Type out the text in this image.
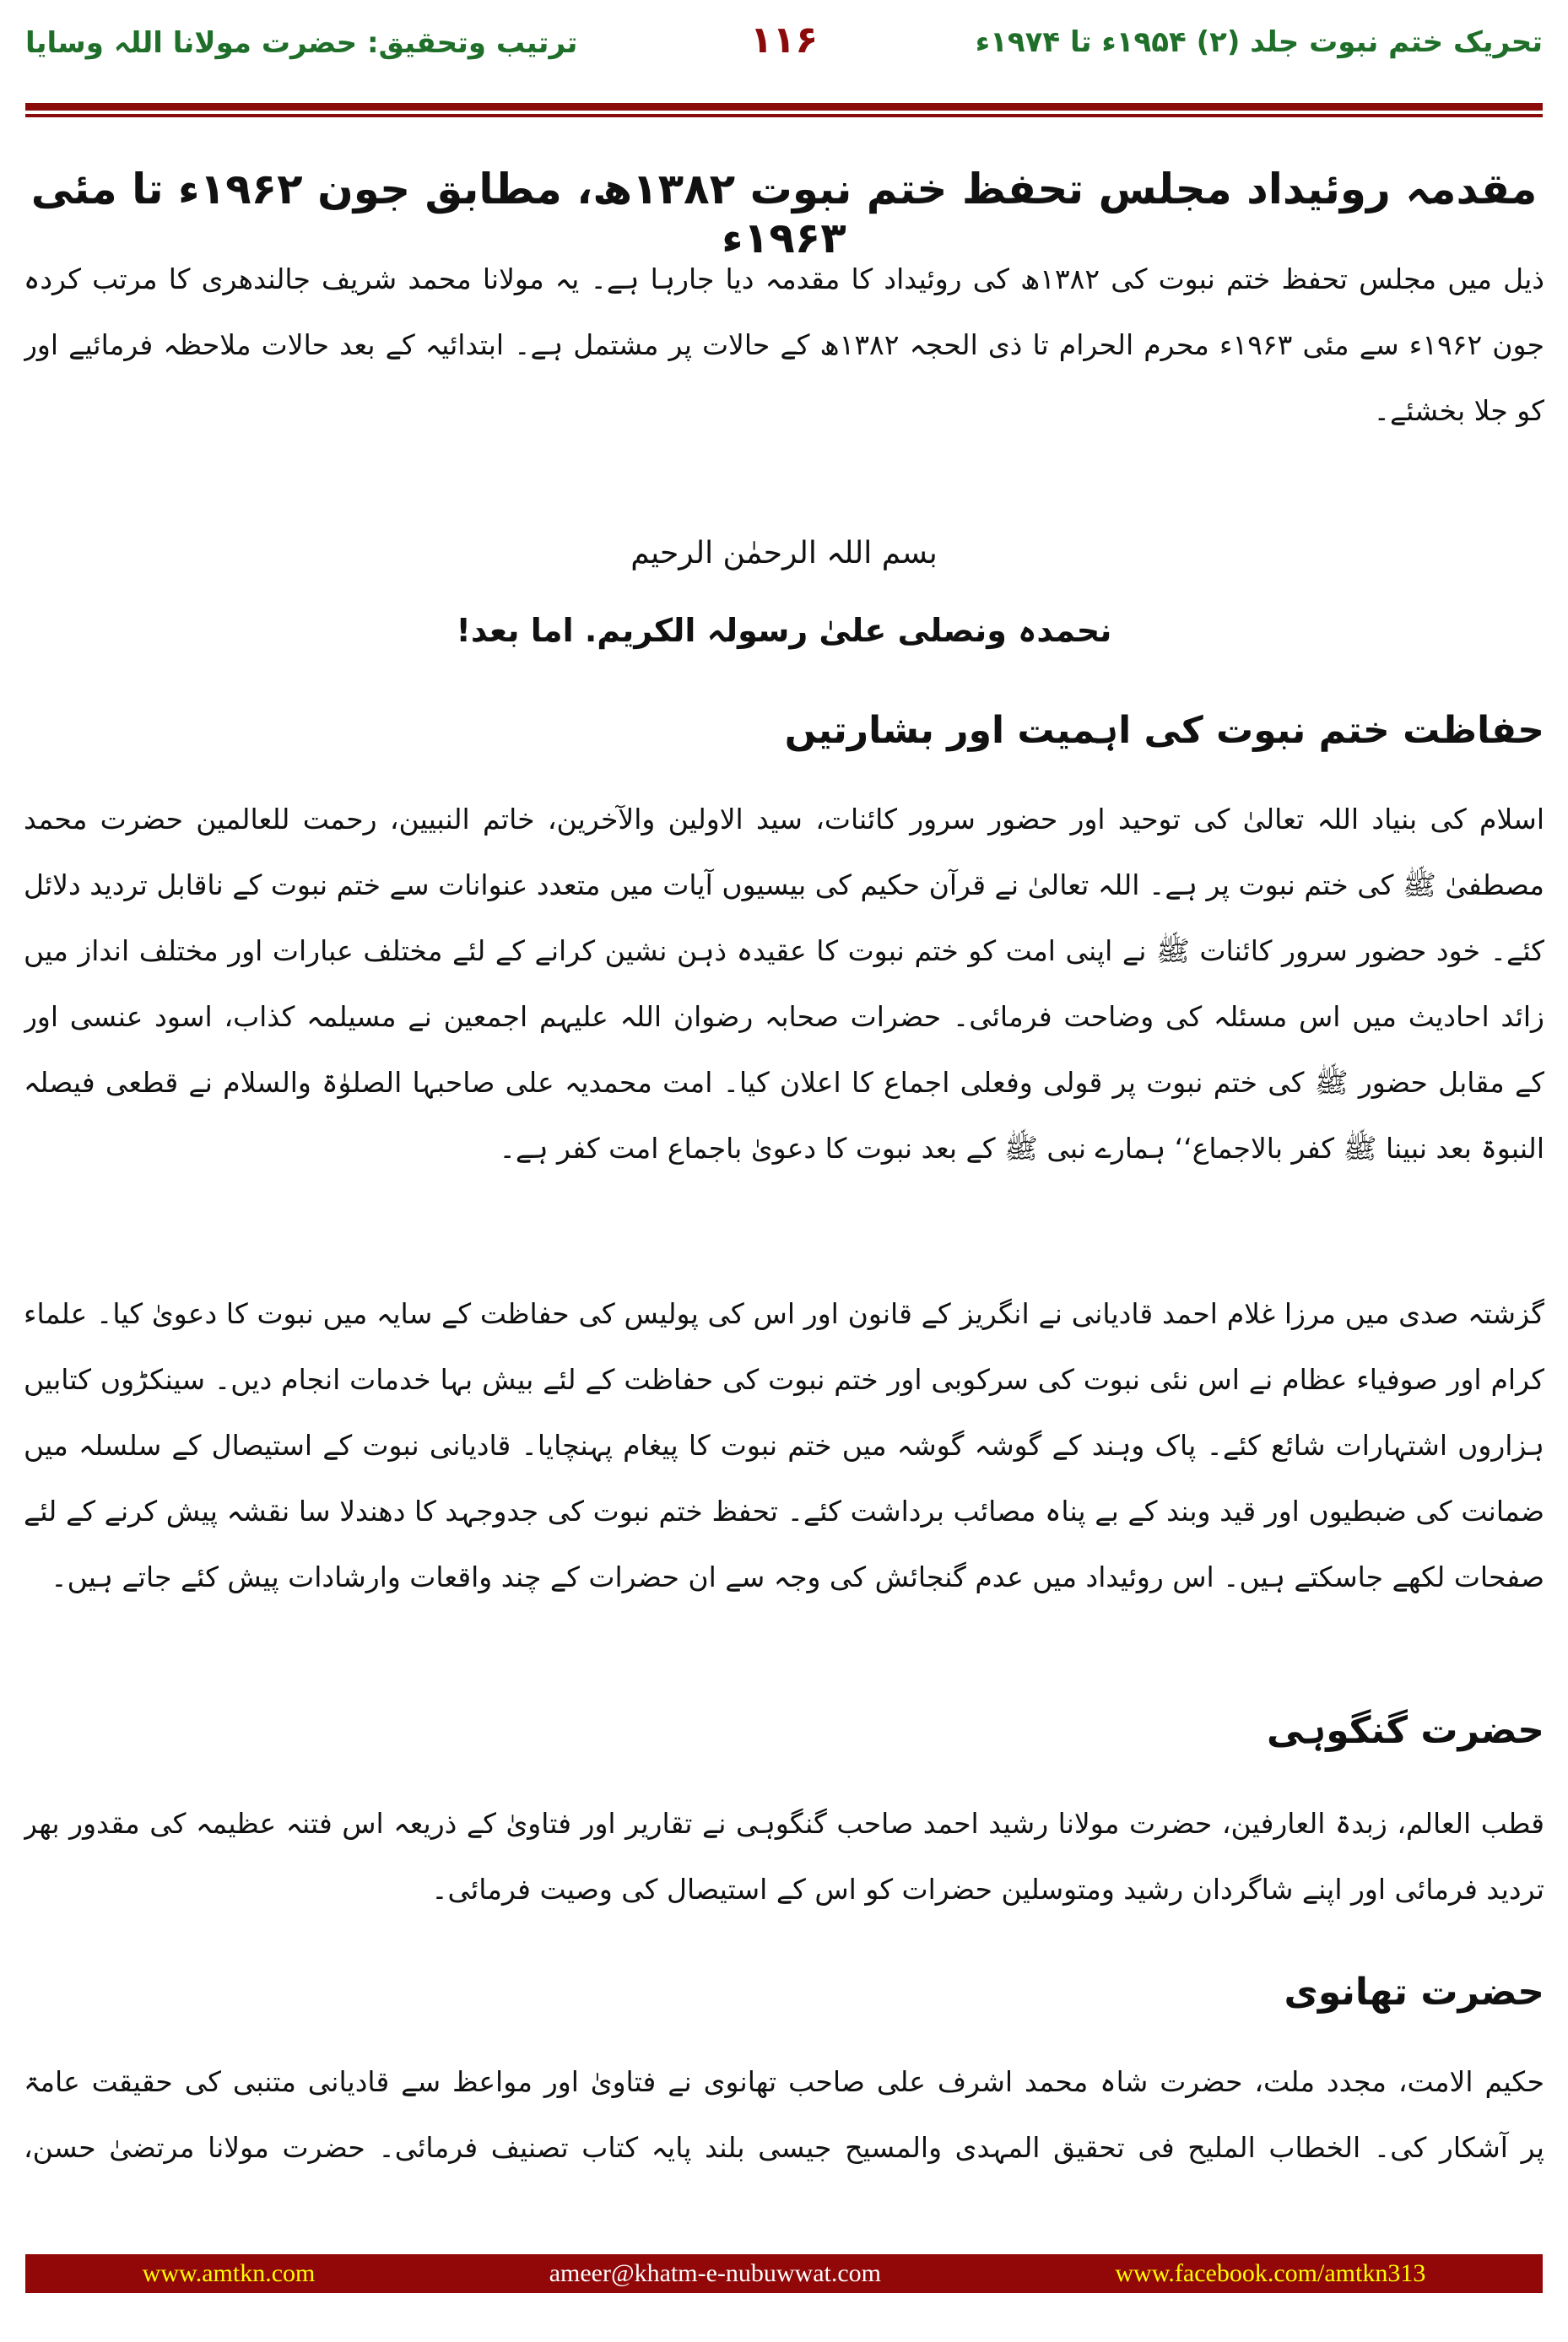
تحریک ختم نبوت جلد (۲) ۱۹۵۴ء تا ۱۹۷۴ء
۱۱۶
ترتیب وتحقیق: حضرت مولانا اللہ وسایا
مقدمہ روئیداد مجلس تحفظ ختم نبوت ۱۳۸۲ھ، مطابق جون ۱۹۶۲ء تا مئی ۱۹۶۳ء
ذیل میں مجلس تحفظ ختم نبوت کی ۱۳۸۲ھ کی روئیداد کا مقدمہ دیا جارہا ہے۔ یہ مولانا محمد شریف جالندھری کا مرتب کردہ
جون ۱۹۶۲ء سے مئی ۱۹۶۳ء محرم الحرام تا ذی الحجہ ۱۳۸۲ھ کے حالات پر مشتمل ہے۔ ابتدائیہ کے بعد حالات ملاحظہ فرمائیے اور
کو جلا بخشئے۔
بسم اللہ الرحمٰن الرحیم
نحمدہ ونصلی علیٰ رسولہ الکریم. اما بعد!
حفاظت ختم نبوت کی اہمیت اور بشارتیں
اسلام کی بنیاد اللہ تعالیٰ کی توحید اور حضور سرور کائنات، سید الاولین والآخرین، خاتم النبیین، رحمت للعالمین حضرت محمد
مصطفیٰ ﷺ کی ختم نبوت پر ہے۔ اللہ تعالیٰ نے قرآن حکیم کی بیسیوں آیات میں متعدد عنوانات سے ختم نبوت کے ناقابل تردید دلائل
کئے۔ خود حضور سرور کائنات ﷺ نے اپنی امت کو ختم نبوت کا عقیدہ ذہن نشین کرانے کے لئے مختلف عبارات اور مختلف انداز میں
زائد احادیث میں اس مسئلہ کی وضاحت فرمائی۔ حضرات صحابہ رضوان اللہ علیہم اجمعین نے مسیلمہ کذاب، اسود عنسی اور
کے مقابل حضور ﷺ کی ختم نبوت پر قولی وفعلی اجماع کا اعلان کیا۔ امت محمدیہ علی صاحبہا الصلوٰۃ والسلام نے قطعی فیصلہ
النبوۃ بعد نبینا ﷺ کفر بالاجماع‘‘ ہمارے نبی ﷺ کے بعد نبوت کا دعویٰ باجماع امت کفر ہے۔
گزشتہ صدی میں مرزا غلام احمد قادیانی نے انگریز کے قانون اور اس کی پولیس کی حفاظت کے سایہ میں نبوت کا دعویٰ کیا۔ علماء
کرام اور صوفیاء عظام نے اس نئی نبوت کی سرکوبی اور ختم نبوت کی حفاظت کے لئے بیش بہا خدمات انجام دیں۔ سینکڑوں کتابیں
ہزاروں اشتہارات شائع کئے۔ پاک وہند کے گوشہ گوشہ میں ختم نبوت کا پیغام پہنچایا۔ قادیانی نبوت کے استیصال کے سلسلہ میں
ضمانت کی ضبطیوں اور قید وبند کے بے پناہ مصائب برداشت کئے۔ تحفظ ختم نبوت کی جدوجہد کا دھندلا سا نقشہ پیش کرنے کے لئے
صفحات لکھے جاسکتے ہیں۔ اس روئیداد میں عدم گنجائش کی وجہ سے ان حضرات کے چند واقعات وارشادات پیش کئے جاتے ہیں۔
حضرت گنگوہی
قطب العالم، زبدۃ العارفین، حضرت مولانا رشید احمد صاحب گنگوہی نے تقاریر اور فتاویٰ کے ذریعہ اس فتنہ عظیمہ کی مقدور بھر
تردید فرمائی اور اپنے شاگردان رشید ومتوسلین حضرات کو اس کے استیصال کی وصیت فرمائی۔
حضرت تھانوی
حکیم الامت، مجدد ملت، حضرت شاہ محمد اشرف علی صاحب تھانوی نے فتاویٰ اور مواعظ سے قادیانی متنبی کی حقیقت عامۃ
پر آشکار کی۔ الخطاب الملیح فی تحقیق المہدی والمسیح جیسی بلند پایہ کتاب تصنیف فرمائی۔ حضرت مولانا مرتضیٰ حسن،
www.amtkn.com	ameer@khatm-e-nubuwwat.com	www.facebook.com/amtkn313
